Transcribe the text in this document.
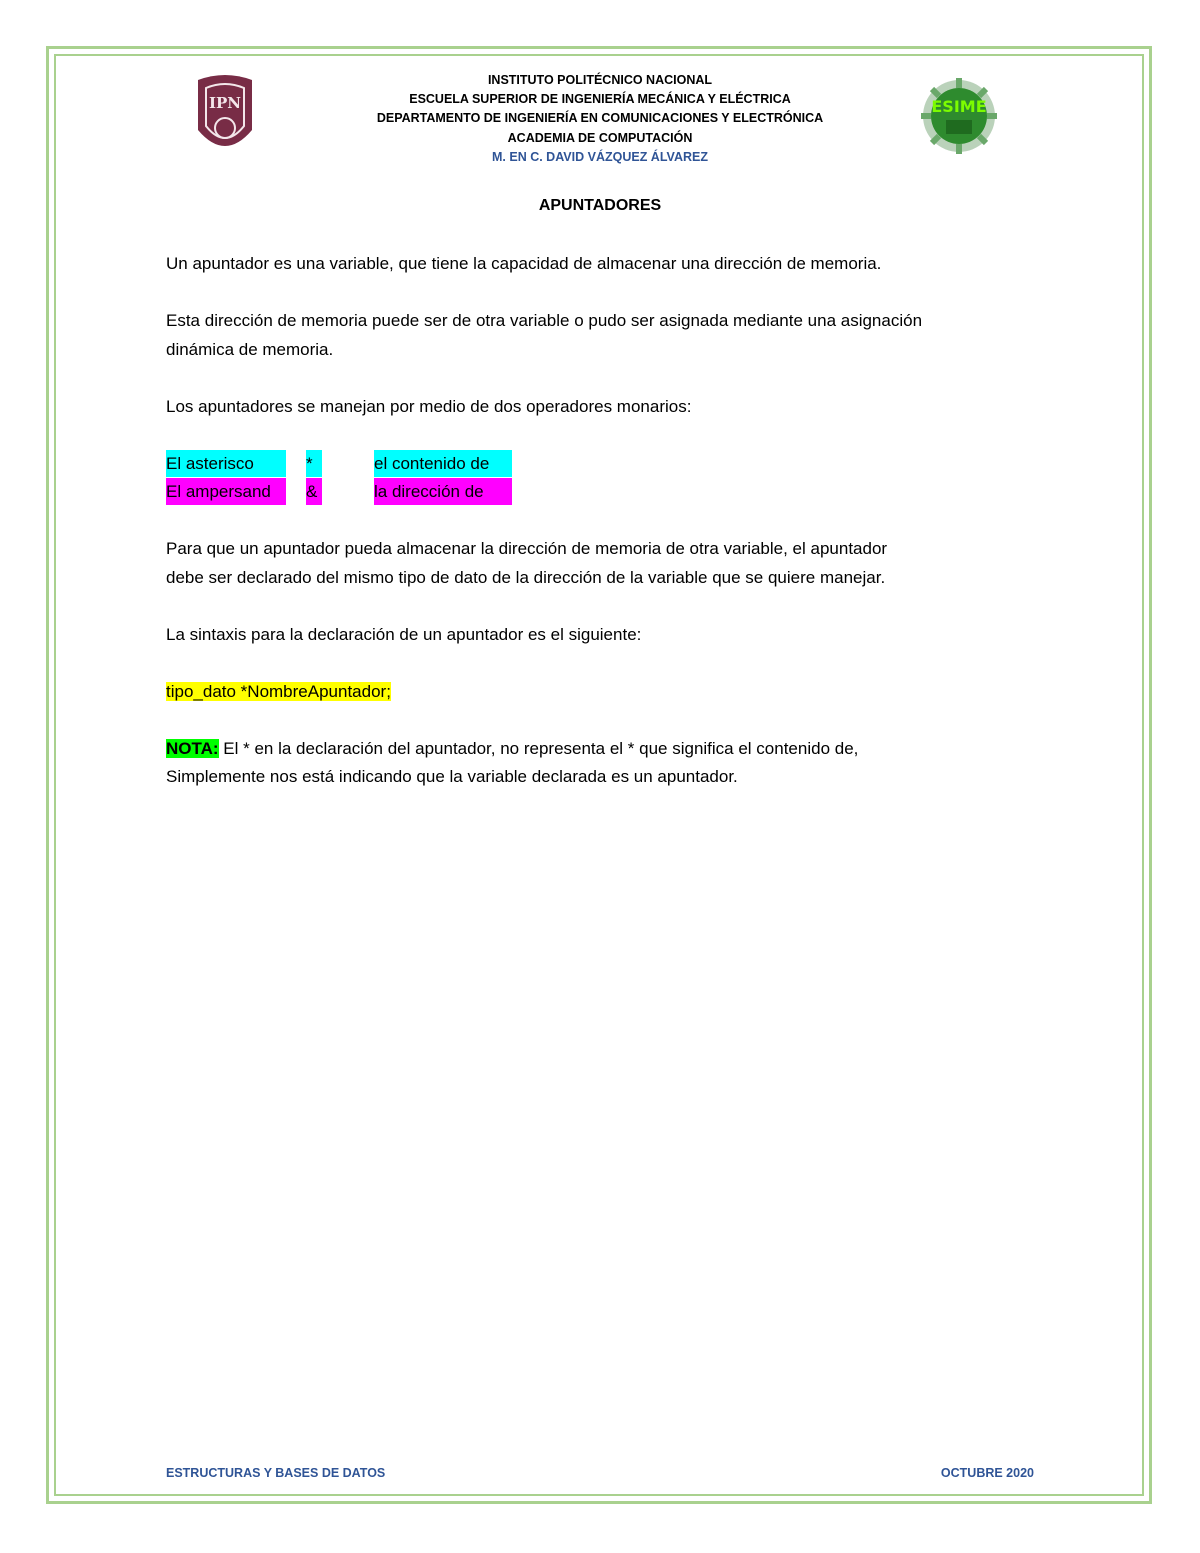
IPN	ESIME
INSTITUTO POLITÉCNICO NACIONAL
ESCUELA SUPERIOR DE INGENIERÍA MECÁNICA Y ELÉCTRICA
DEPARTAMENTO DE INGENIERÍA EN COMUNICACIONES Y ELECTRÓNICA
ACADEMIA DE COMPUTACIÓN
M. EN C. DAVID VÁZQUEZ ÁLVAREZ
APUNTADORES

Un apuntador es una variable, que tiene la capacidad de almacenar una dirección de memoria.

Esta dirección de memoria puede ser de otra variable o pudo ser asignada mediante una asignación

dinámica de memoria.

Los apuntadores se manejan por medio de dos operadores monarios:

El asterisco	*	el contenido de
El ampersand	&	la dirección de

Para que un apuntador pueda almacenar la dirección de memoria de otra variable, el apuntador

debe ser declarado del mismo tipo de dato de la dirección de la variable que se quiere manejar.

La sintaxis para la declaración de un apuntador es el siguiente:

tipo_dato *NombreApuntador;

NOTA: El * en la declaración del apuntador, no representa el * que significa el contenido de,

Simplemente nos está indicando que la variable declarada es un apuntador.

ESTRUCTURAS Y BASES DE DATOS	OCTUBRE 2020
